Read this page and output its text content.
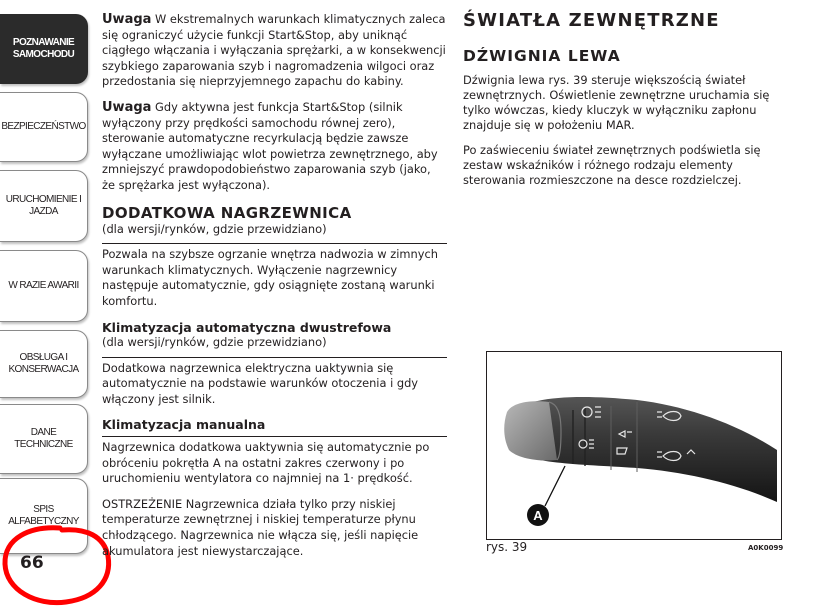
POZNAWANIE SAMOCHODU
BEZPIECZEŃSTWO
URUCHOMIENIE I JAZDA
W RAZIE AWARII
OBSŁUGA I KONSERWACJA
DANE TECHNICZNE
SPIS ALFABETYCZNY
66

Uwaga W ekstremalnych warunkach klimatycznych zaleca się ograniczyć użycie funkcji Start&Stop, aby uniknąć ciągłego włączania i wyłączania sprężarki, a w konsekwencji szybkiego zaparowania szyb i nagromadzenia wilgoci oraz przedostania się nieprzyjemnego zapachu do kabiny.

Uwaga Gdy aktywna jest funkcja Start&Stop (silnik wyłączony przy prędkości samochodu równej zero), sterowanie automatyczne recyrkulacją będzie zawsze wyłączane umożliwiając wlot powietrza zewnętrznego, aby zmniejszyć prawdopodobieństwo zaparowania szyb (jako, że sprężarka jest wyłączona).

DODATKOWA NAGRZEWNICA
(dla wersji/rynków, gdzie przewidziano)

Pozwala na szybsze ogrzanie wnętrza nadwozia w zimnych warunkach klimatycznych. Wyłączenie nagrzewnicy następuje automatycznie, gdy osiągnięte zostaną warunki komfortu.

Klimatyzacja automatyczna dwustrefowa
(dla wersji/rynków, gdzie przewidziano)

Dodatkowa nagrzewnica elektryczna uaktywnia się automatycznie na podstawie warunków otoczenia i gdy włączony jest silnik.

Klimatyzacja manualna

Nagrzewnica dodatkowa uaktywnia się automatycznie po obróceniu pokrętła A na ostatni zakres czerwony i po uruchomieniu wentylatora co najmniej na 1· prędkość.

OSTRZEŻENIE Nagrzewnica działa tylko przy niskiej temperaturze zewnętrznej i niskiej temperaturze płynu chłodzącego. Nagrzewnica nie włącza się, jeśli napięcie akumulatora jest niewystarczające.

ŚWIATŁA ZEWNĘTRZNE
DŹWIGNIA LEWA

Dźwignia lewa rys. 39 steruje większością świateł zewnętrznych. Oświetlenie zewnętrzne uruchamia się tylko wówczas, kiedy kluczyk w wyłączniku zapłonu znajduje się w położeniu MAR.

Po zaświeceniu świateł zewnętrznych podświetla się zestaw wskaźników i różnego rodzaju elementy sterowania rozmieszczone na desce rozdzielczej.

A
rys. 39	A0K0099
